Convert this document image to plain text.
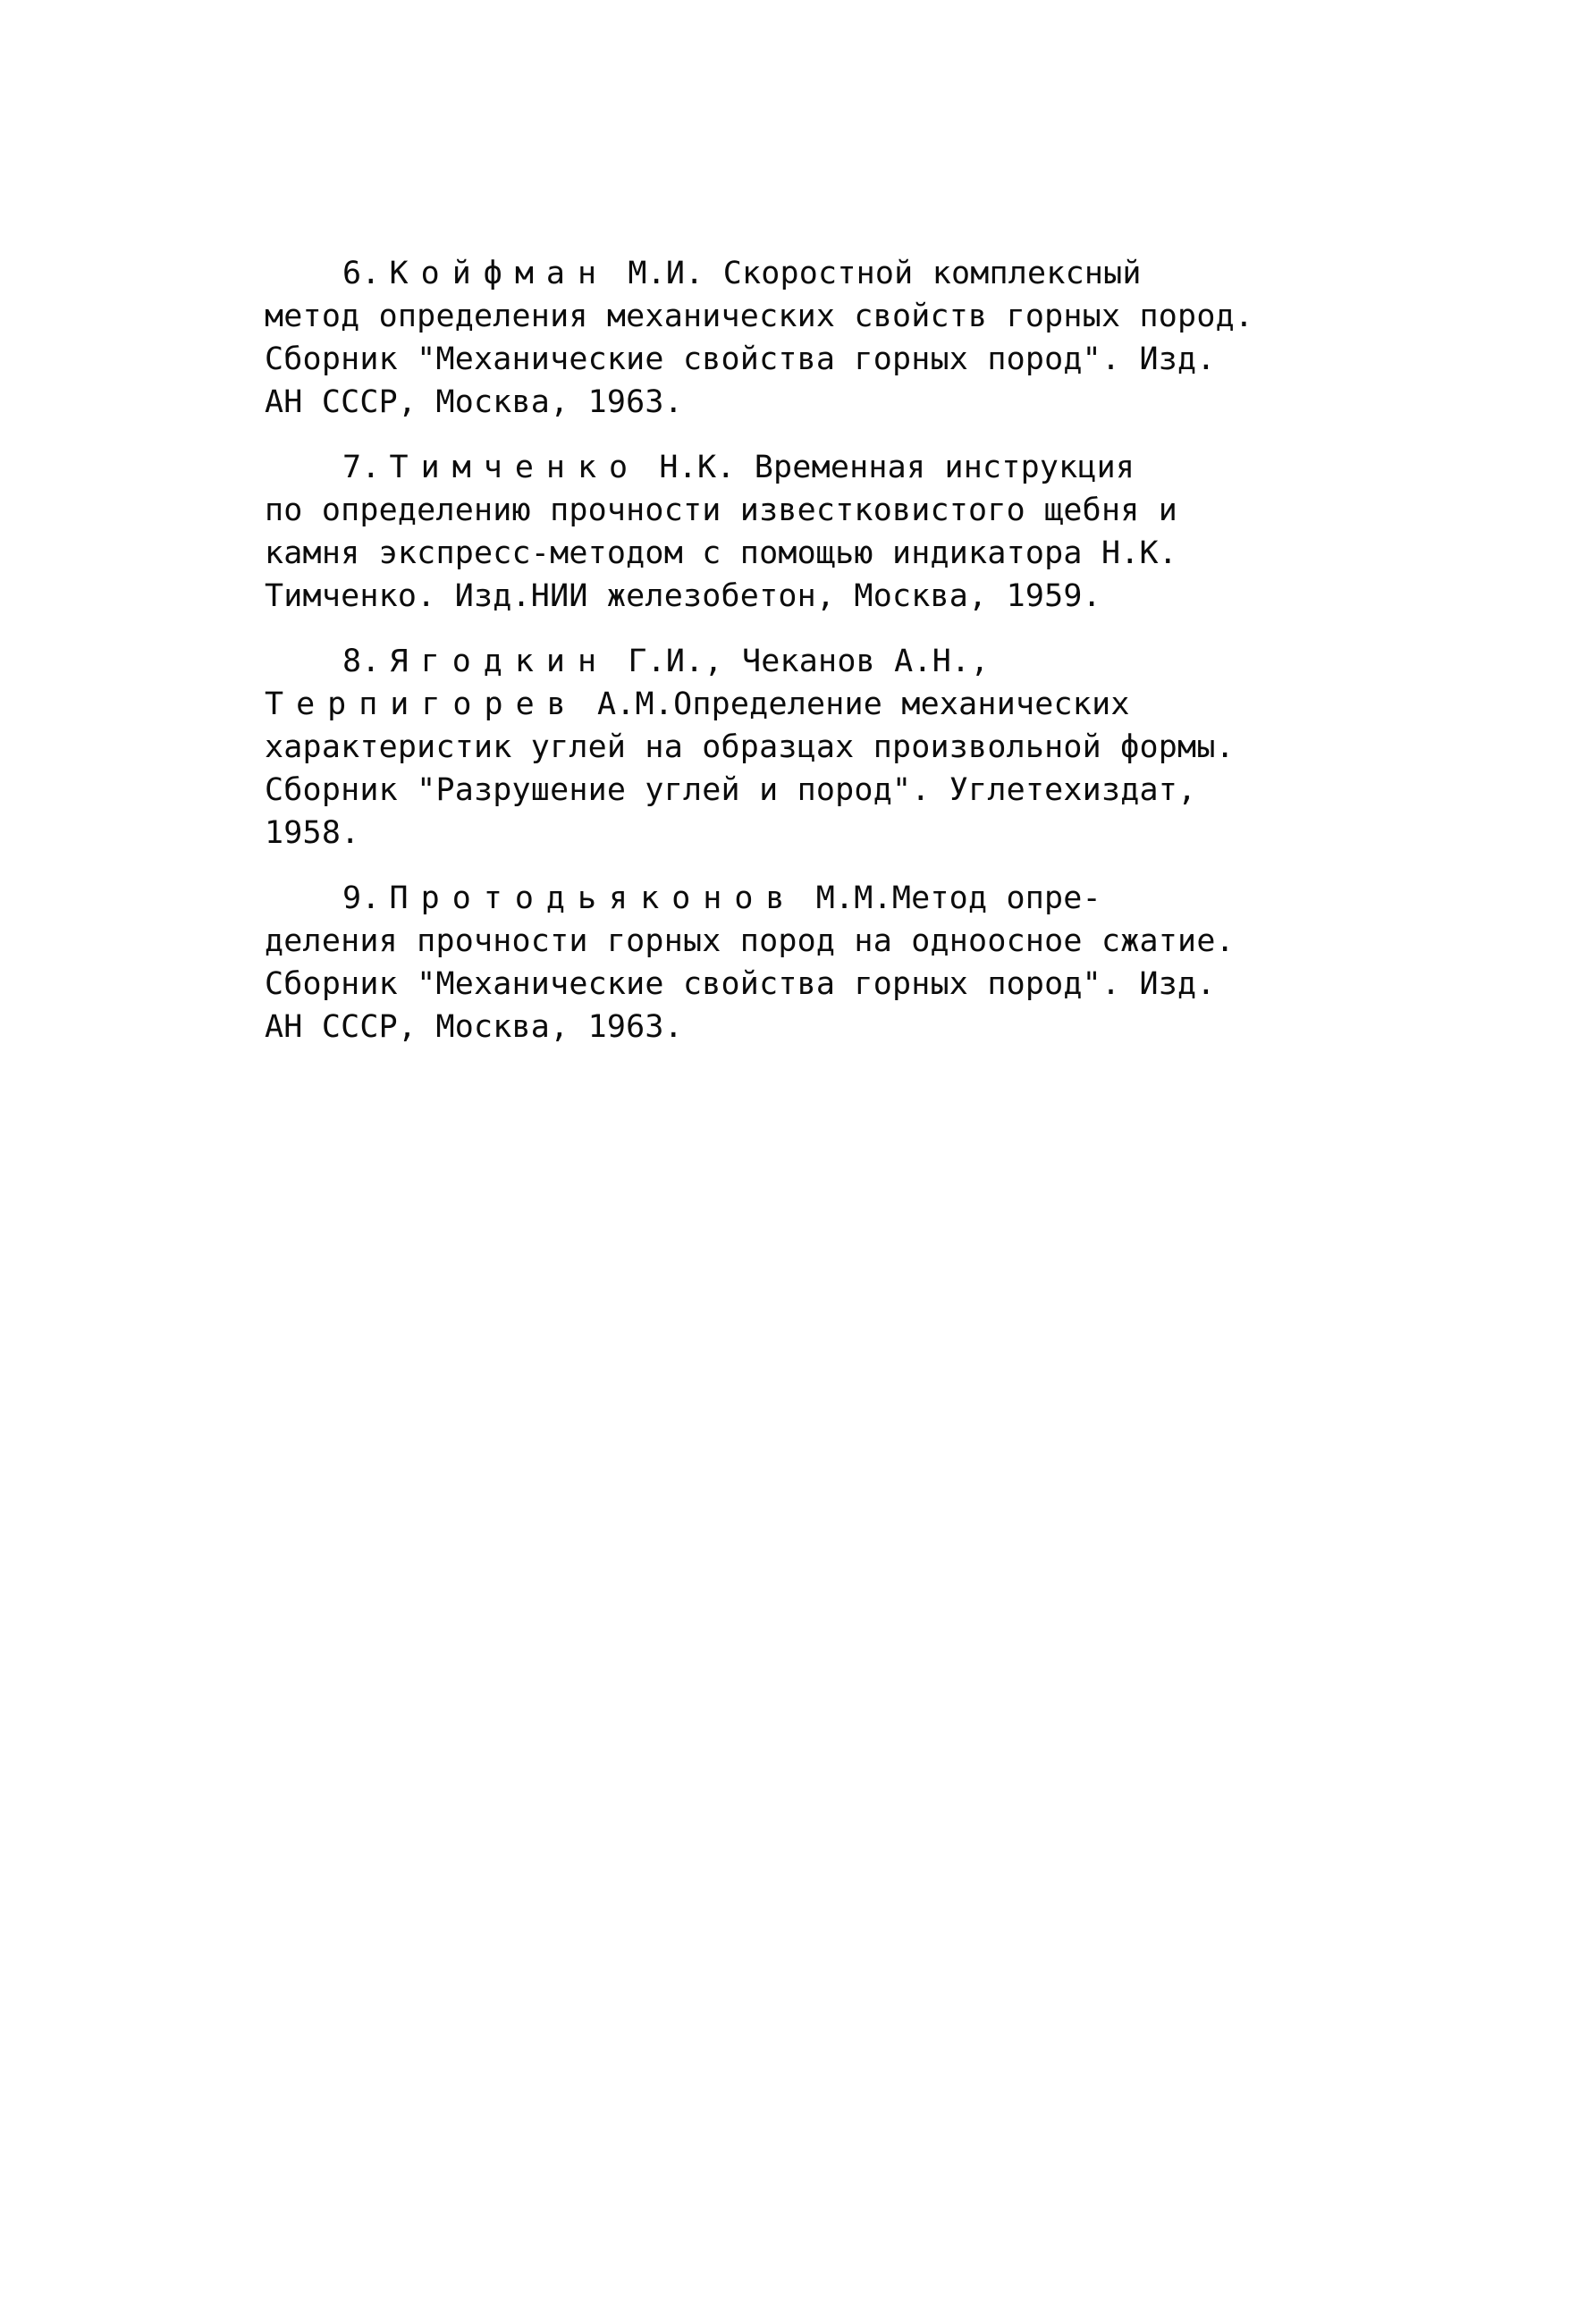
6. Койфман М.И. Скоростной комплексный
метод определения механических свойств горных пород.
Сборник "Механические свойства горных пород". Изд.
АН СССР, Москва, 1963.
7. Тимченко Н.К. Временная инструкция
по определению прочности известковистого щебня и
камня экспресс-методом с помощью индикатора Н.К.
Тимченко. Изд.НИИ железобетон, Москва, 1959.
8. Ягодкин Г.И., Чеканов А.Н.,
Терпигорев А.М.Определение механических
характеристик углей на образцах произвольной формы.
Сборник "Разрушение углей и пород". Углетехиздат,
1958.
9. Протодьяконов М.М.Метод опре-
деления прочности горных пород на одноосное сжатие.
Сборник "Механические свойства горных пород". Изд.
АН СССР, Москва, 1963.
